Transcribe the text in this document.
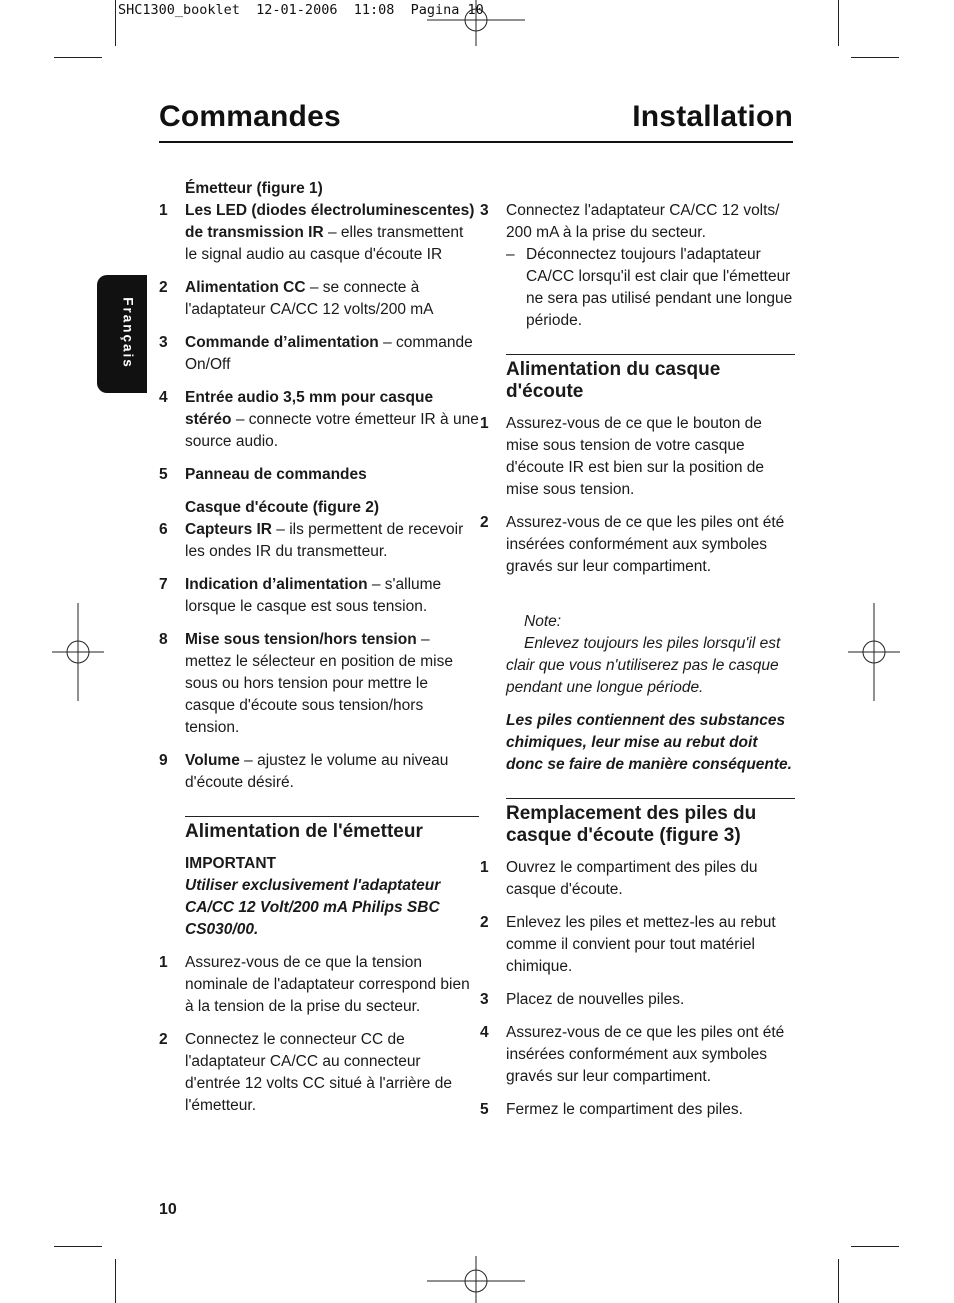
SHC1300_booklet  12-01-2006  11:08  Pagina 10

Commandes	Installation

Français

Émetteur (figure 1)
1 Les LED (diodes électroluminescentes) de transmission IR – elles transmettent le signal audio au casque d'écoute IR
2 Alimentation CC – se connecte à l'adaptateur CA/CC 12 volts/200 mA
3 Commande d’alimentation – commande On/Off
4 Entrée audio 3,5 mm pour casque stéréo – connecte votre émetteur IR à une source audio.
5 Panneau de commandes
Casque d'écoute (figure 2)
6 Capteurs IR – ils permettent de recevoir les ondes IR du transmetteur.
7 Indication d’alimentation – s'allume lorsque le casque est sous tension.
8 Mise sous tension/hors tension – mettez le sélecteur en position de mise sous ou hors tension pour mettre le casque d'écoute sous tension/hors tension.
9 Volume – ajustez le volume au niveau d'écoute désiré.
Alimentation de l'émetteur
IMPORTANT
Utiliser exclusivement l'adaptateur CA/CC 12 Volt/200 mA Philips SBC CS030/00.
1 Assurez-vous de ce que la tension nominale de l'adaptateur correspond bien à la tension de la prise du secteur.
2 Connectez le connecteur CC de l'adaptateur CA/CC au connecteur d'entrée 12 volts CC situé à l'arrière de l'émetteur.
3 Connectez l'adaptateur CA/CC 12 volts/ 200 mA à la prise du secteur.
– Déconnectez toujours l'adaptateur CA/CC lorsqu'il est clair que l'émetteur ne sera pas utilisé pendant une longue période.
Alimentation du casque d'écoute
1 Assurez-vous de ce que le bouton de mise sous tension de votre casque d'écoute IR est bien sur la position de mise sous tension.
2 Assurez-vous de ce que les piles ont été insérées conformément aux symboles gravés sur leur compartiment.
Note:
Enlevez toujours les piles lorsqu'il est clair que vous n'utiliserez pas le casque pendant une longue période.
Les piles contiennent des substances chimiques, leur mise au rebut doit donc se faire de manière conséquente.
Remplacement des piles du casque d'écoute (figure 3)
1 Ouvrez le compartiment des piles du casque d'écoute.
2 Enlevez les piles et mettez-les au rebut comme il convient pour tout matériel chimique.
3 Placez de nouvelles piles.
4 Assurez-vous de ce que les piles ont été insérées conformément aux symboles gravés sur leur compartiment.
5 Fermez le compartiment des piles.

10
